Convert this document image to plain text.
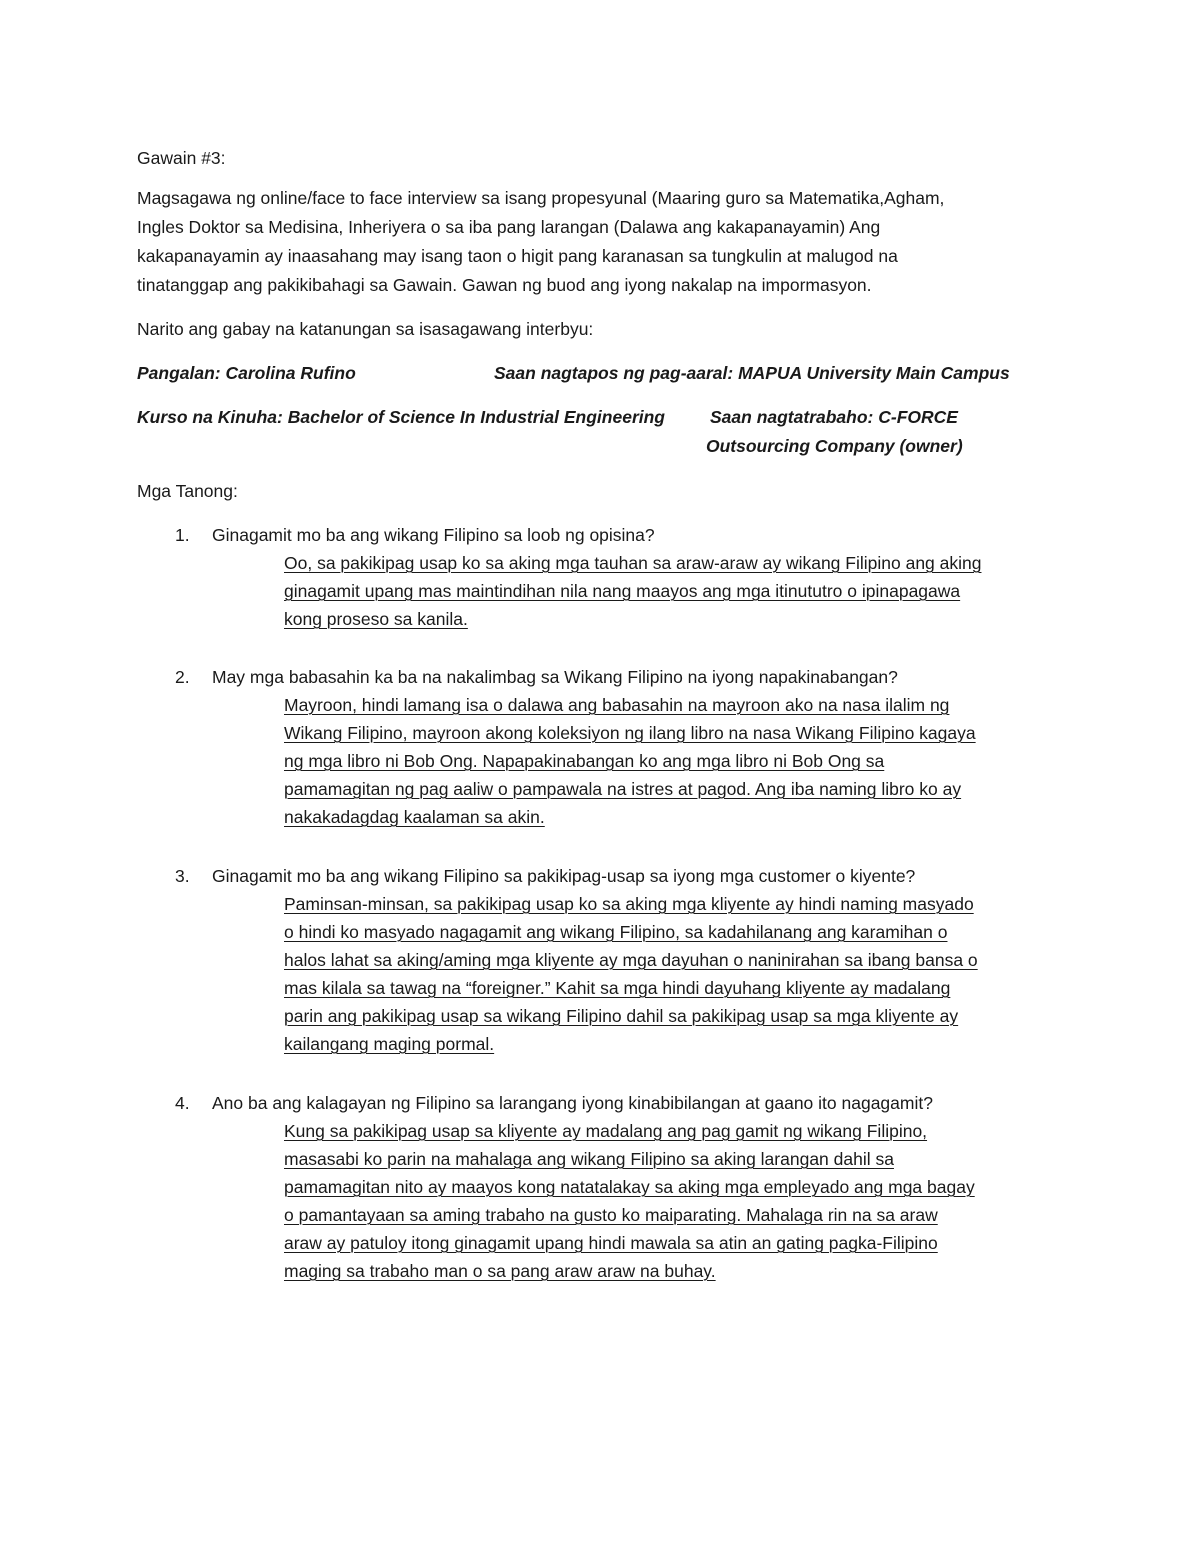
Gawain #3:
Magsagawa ng online/face to face interview sa isang propesyunal (Maaring guro sa Matematika,Agham,
Ingles Doktor sa Medisina, Inheriyera o sa iba pang larangan (Dalawa ang kakapanayamin) Ang
kakapanayamin ay inaasahang may isang taon o higit pang karanasan sa tungkulin at malugod na
tinatanggap ang pakikibahagi sa Gawain. Gawan ng buod ang iyong nakalap na impormasyon.
Narito ang gabay na katanungan sa isasagawang interbyu:
Pangalan: Carolina Rufino	Saan nagtapos ng pag-aaral: MAPUA University Main Campus
Kurso na Kinuha: Bachelor of Science In Industrial Engineering	Saan nagtatrabaho: C-FORCE
Outsourcing Company (owner)
Mga Tanong:
1.	Ginagamit mo ba ang wikang Filipino sa loob ng opisina?
Oo, sa pakikipag usap ko sa aking mga tauhan sa araw-araw ay wikang Filipino ang aking
ginagamit upang mas maintindihan nila nang maayos ang mga itinututro o ipinapagawa
kong proseso sa kanila.
2.	May mga babasahin ka ba na nakalimbag sa Wikang Filipino na iyong napakinabangan?
Mayroon, hindi lamang isa o dalawa ang babasahin na mayroon ako na nasa ilalim ng
Wikang Filipino, mayroon akong koleksiyon ng ilang libro na nasa Wikang Filipino kagaya
ng mga libro ni Bob Ong. Napapakinabangan ko ang mga libro ni Bob Ong sa
pamamagitan ng pag aaliw o pampawala na istres at pagod. Ang iba naming libro ko ay
nakakadagdag kaalaman sa akin.
3.	Ginagamit mo ba ang wikang Filipino sa pakikipag-usap sa iyong mga customer o kiyente?
Paminsan-minsan, sa pakikipag usap ko sa aking mga kliyente ay hindi naming masyado
o hindi ko masyado nagagamit ang wikang Filipino, sa kadahilanang ang karamihan o
halos lahat sa aking/aming mga kliyente ay mga dayuhan o naninirahan sa ibang bansa o
mas kilala sa tawag na “foreigner.” Kahit sa mga hindi dayuhang kliyente ay madalang
parin ang pakikipag usap sa wikang Filipino dahil sa pakikipag usap sa mga kliyente ay
kailangang maging pormal.
4.	Ano ba ang kalagayan ng Filipino sa larangang iyong kinabibilangan at gaano ito nagagamit?
Kung sa pakikipag usap sa kliyente ay madalang ang pag gamit ng wikang Filipino,
masasabi ko parin na mahalaga ang wikang Filipino sa aking larangan dahil sa
pamamagitan nito ay maayos kong natatalakay sa aking mga empleyado ang mga bagay
o pamantayaan sa aming trabaho na gusto ko maiparating. Mahalaga rin na sa araw
araw ay patuloy itong ginagamit upang hindi mawala sa atin an gating pagka-Filipino
maging sa trabaho man o sa pang araw araw na buhay.
